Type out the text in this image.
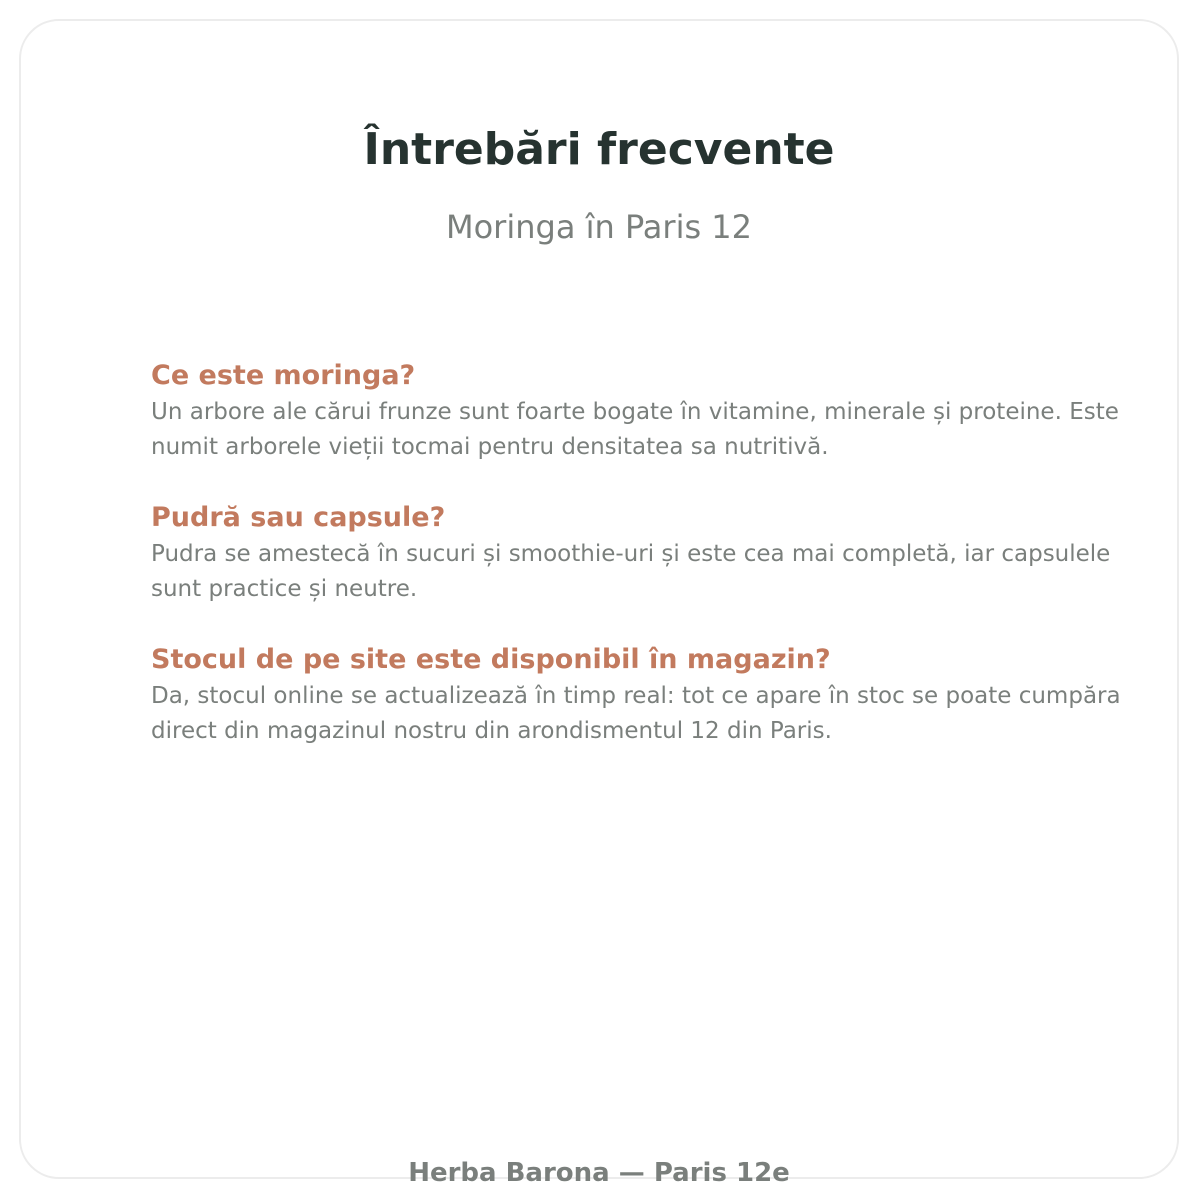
Întrebări frecvente

Moringa în Paris 12

Ce este moringa?

Un arbore ale cărui frunze sunt foarte bogate în vitamine, minerale și proteine. Este numit arborele vieții tocmai pentru densitatea sa nutritivă.

Pudră sau capsule?

Pudra se amestecă în sucuri și smoothie-uri și este cea mai completă, iar capsulele sunt practice și neutre.

Stocul de pe site este disponibil în magazin?

Da, stocul online se actualizează în timp real: tot ce apare în stoc se poate cumpăra direct din magazinul nostru din arondismentul 12 din Paris.

Herba Barona — Paris 12e
